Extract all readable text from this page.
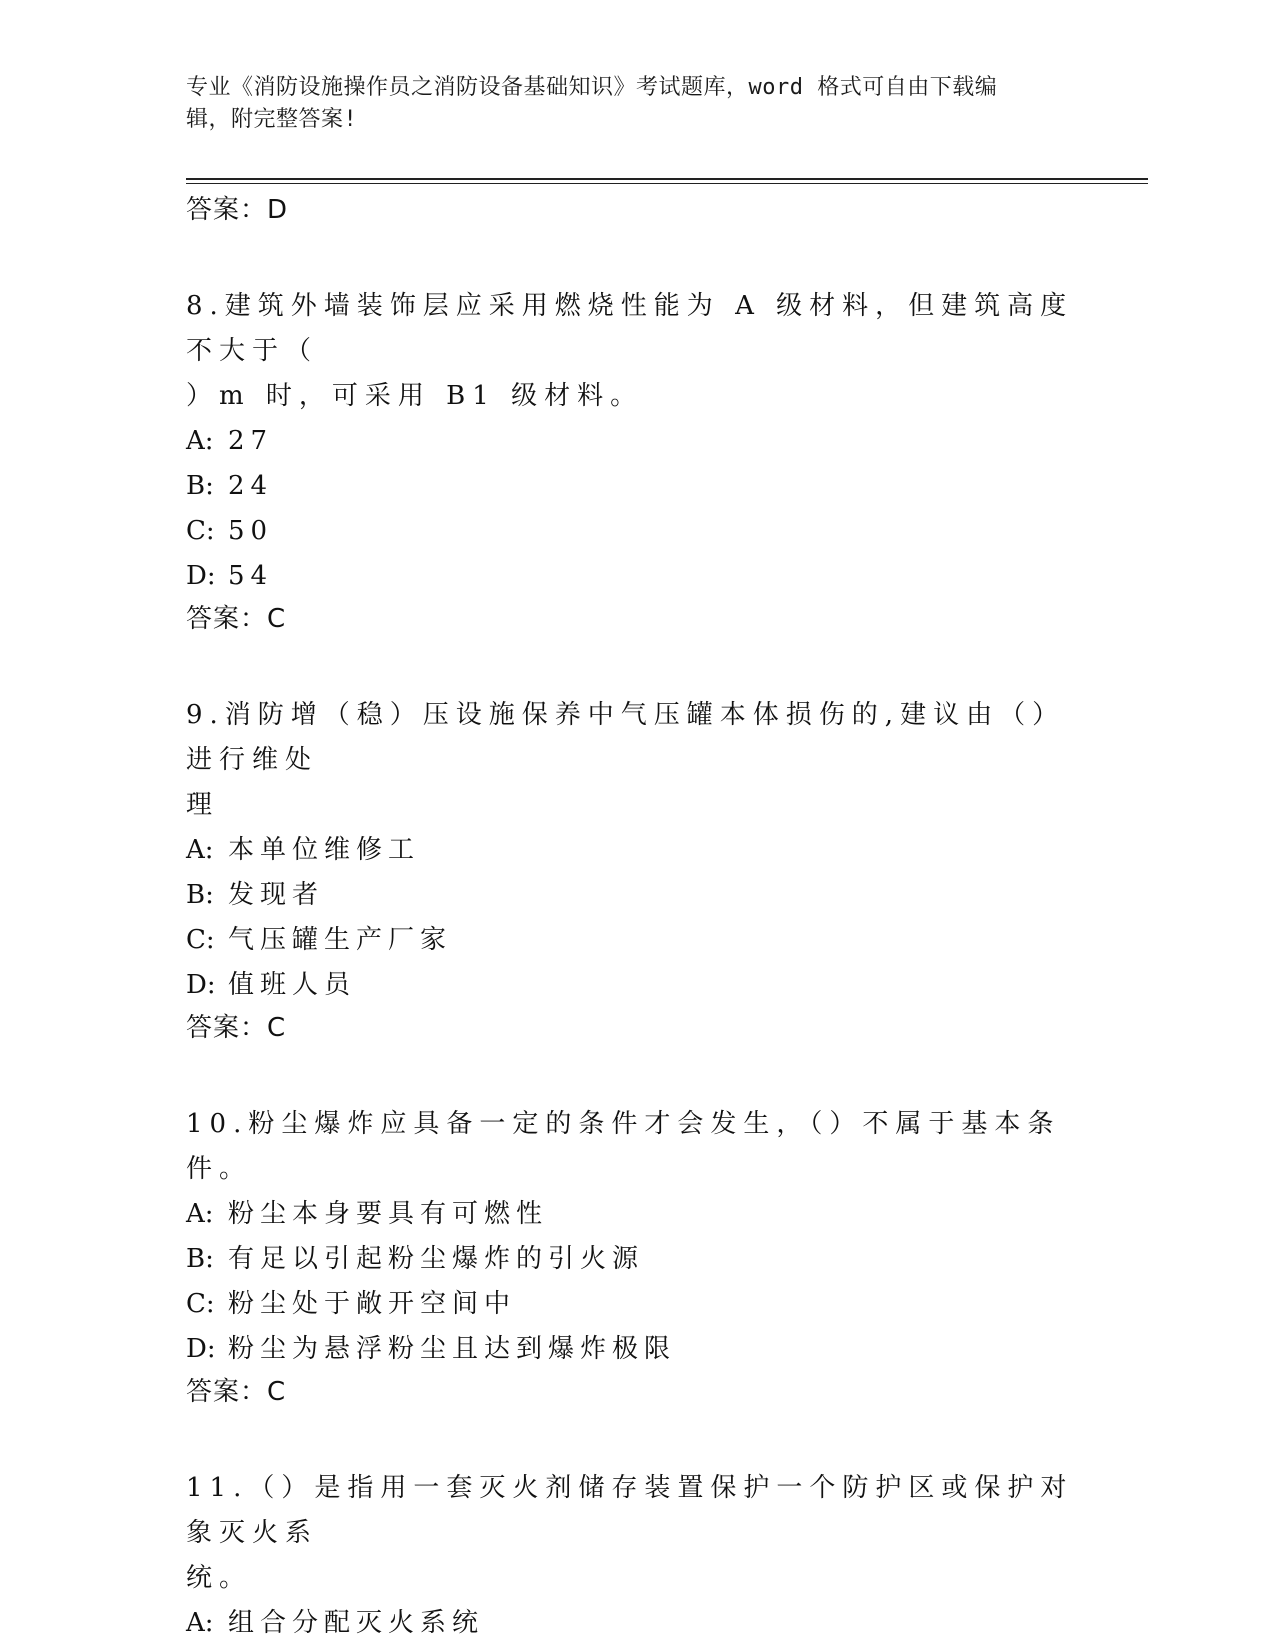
专业《消防设施操作员之消防设备基础知识》考试题库，word 格式可自由下载编
辑，附完整答案!

答案：D

8.建筑外墙装饰层应采用燃烧性能为 A 级材料，但建筑高度不大于（

）m 时，可采用 B1 级材料。

A: 27

B: 24

C: 50

D: 54

答案：C

9.消防增（稳）压设施保养中气压罐本体损伤的,建议由（）进行维处

理

A: 本单位维修工

B: 发现者

C: 气压罐生产厂家

D: 值班人员

答案：C

10.粉尘爆炸应具备一定的条件才会发生，（）不属于基本条件。

A: 粉尘本身要具有可燃性

B: 有足以引起粉尘爆炸的引火源

C: 粉尘处于敞开空间中

D: 粉尘为悬浮粉尘且达到爆炸极限

答案：C

11.（）是指用一套灭火剂储存装置保护一个防护区或保护对象灭火系

统。

A: 组合分配灭火系统
